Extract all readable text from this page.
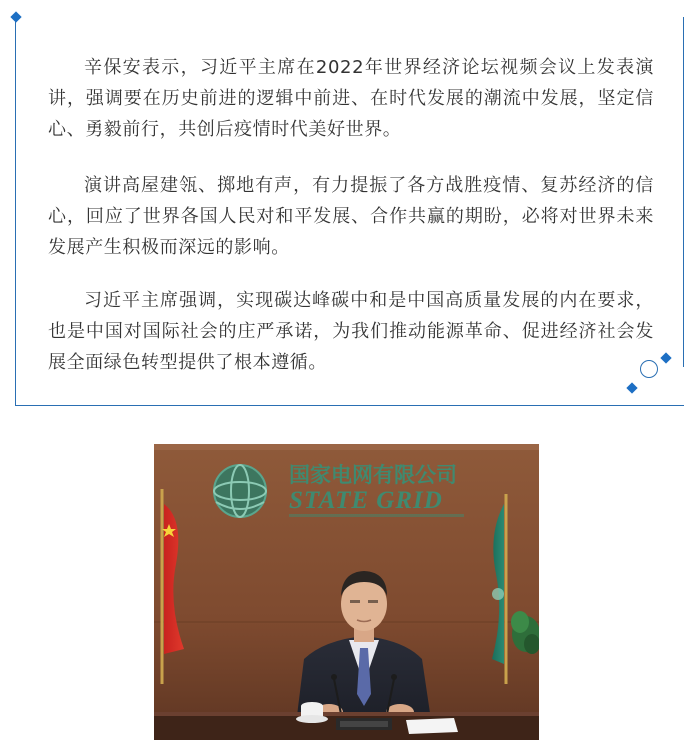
辛保安表示，习近平主席在2022年世界经济论坛视频会议上发表演讲，强调要在历史前进的逻辑中前进、在时代发展的潮流中发展，坚定信心、勇毅前行，共创后疫情时代美好世界。

演讲高屋建瓴、掷地有声，有力提振了各方战胜疫情、复苏经济的信心，回应了世界各国人民对和平发展、合作共赢的期盼，必将对世界未来发展产生积极而深远的影响。

习近平主席强调，实现碳达峰碳中和是中国高质量发展的内在要求，也是中国对国际社会的庄严承诺，为我们推动能源革命、促进经济社会发展全面绿色转型提供了根本遵循。

国家电网有限公司
STATE GRID
